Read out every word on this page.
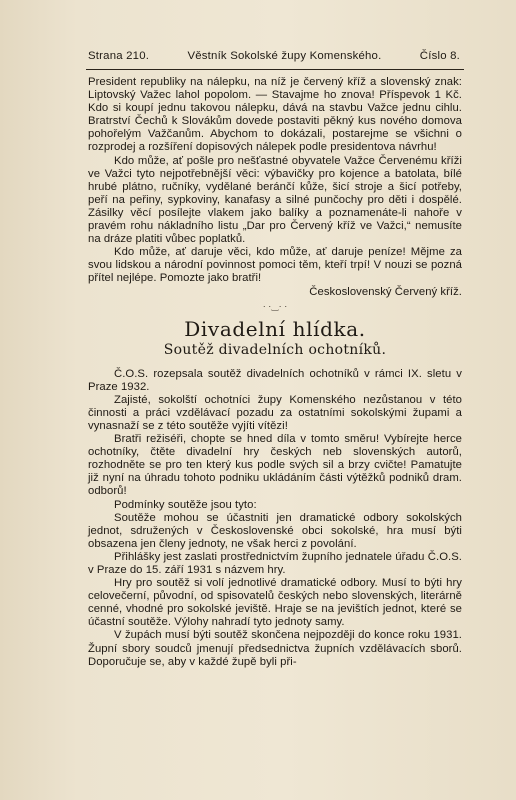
Strana 210.	Věstník Sokolské župy Komenského.	Číslo 8.

President republiky na nálepku, na níž je červený kříž a slovenský znak: Liptovský Važec lahol popolom. — Stavajme ho znova! Příspevok 1 Kč. Kdo si koupí jednu takovou nálepku, dává na stavbu Važce jednu cihlu. Bratrství Čechů k Slovákům dovede postaviti pěkný kus nového domova pohořelým Važčanům. Abychom to dokázali, postarejme se všichni o rozprodej a rozšíření dopisových nálepek podle presidentova návrhu!

Kdo může, ať pošle pro nešťastné obyvatele Važce Červenému kříži ve Važci tyto nejpotřebnější věci: výbavičky pro kojence a batolata, bílé hrubé plátno, ručníky, vydělané beránčí kůže, šicí stroje a šicí potřeby, peří na peřiny, sypkoviny, kanafasy a silné punčochy pro děti i dospělé. Zásilky věcí posílejte vlakem jako balíky a poznamenáte-li nahoře v pravém rohu nákladního listu „Dar pro Červený kříž ve Važci,“ nemusíte na dráze platiti vůbec poplatků.

Kdo může, ať daruje věci, kdo může, ať daruje peníze! Mějme za svou lidskou a národní povinnost pomoci těm, kteří trpí! V nouzi se pozná přítel nejlépe. Pomozte jako bratři!

Československý Červený kříž.

· ·‿· ·
Divadelní hlídka.
Soutěž divadelních ochotníků.

Č.O.S. rozepsala soutěž divadelních ochotníků v rámci IX. sletu v Praze 1932.

Zajisté, sokolští ochotníci župy Komenského nezůstanou v této činnosti a práci vzdělávací pozadu za ostatními sokolskými župami a vynasnaží se z této soutěže vyjíti vítězi!

Bratři režiséři, chopte se hned díla v tomto směru! Vybírejte herce ochotníky, čtěte divadelní hry českých neb slovenských autorů, rozhodněte se pro ten který kus podle svých sil a brzy cvičte! Pamatujte již nyní na úhradu tohoto podniku ukládáním části výtěžků podniků dram. odborů!

Podmínky soutěže jsou tyto:

Soutěže mohou se účastniti jen dramatické odbory sokolských jednot, sdružených v Československé obci sokolské, hra musí býti obsazena jen členy jednoty, ne však herci z povolání.

Přihlášky jest zaslati prostřednictvím župního jednatele úřadu Č.O.S. v Praze do 15. září 1931 s názvem hry.

Hry pro soutěž si volí jednotlivé dramatické odbory. Musí to býti hry celovečerní, původní, od spisovatelů českých nebo slovenských, literárně cenné, vhodné pro sokolské jeviště. Hraje se na jevištích jednot, které se účastní soutěže. Výlohy nahradí tyto jednoty samy.

V župách musí býti soutěž skončena nejpozději do konce roku 1931. Župní sbory soudců jmenují předsednictva župních vzdělávacích sborů. Doporučuje se, aby v každé župě byli při-
